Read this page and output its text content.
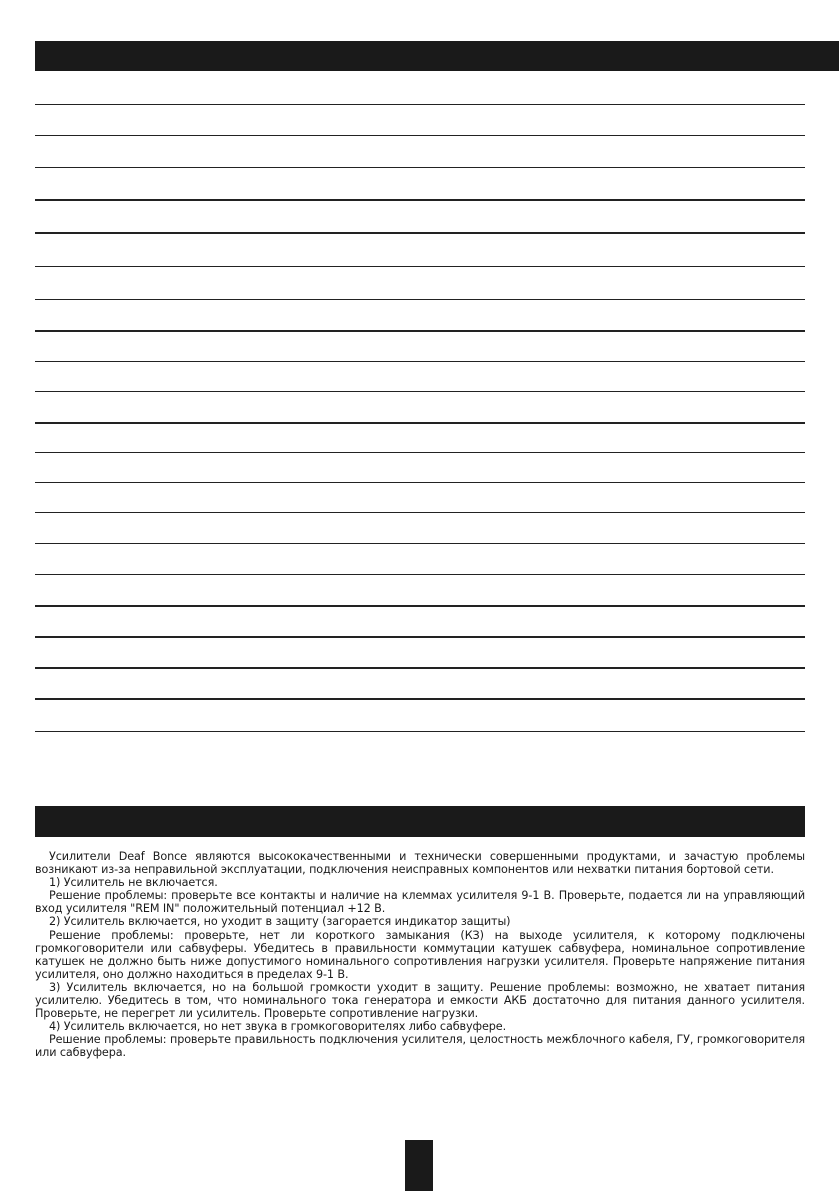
Усилители Deaf Bonce являются высококачественными и технически совершенными продуктами, и зачастую проблемы возникают из-за неправильной эксплуатации, подключения неисправных компонентов или нехватки питания бортовой сети.

1) Усилитель не включается.

Решение проблемы: проверьте все контакты и наличие на клеммах усилителя 9-1 В. Проверьте, подается ли на управляющий вход усилителя "REM IN" положительный потенциал +12 В.

2) Усилитель включается, но уходит в защиту (загорается индикатор защиты)

Решение проблемы: проверьте, нет ли короткого замыкания (КЗ) на выходе усилителя, к которому подключены громкоговорители или сабвуферы. Убедитесь в правильности коммутации катушек сабвуфера, номинальное сопротивление катушек не должно быть ниже допустимого номинального сопротивления нагрузки усилителя. Проверьте напряжение питания усилителя, оно должно находиться в пределах 9-1 В.

3) Усилитель включается, но на большой громкости уходит в защиту. Решение проблемы: возможно, не хватает питания усилителю. Убедитесь в том, что номинального тока генератора и емкости АКБ достаточно для питания данного усилителя. Проверьте, не перегрет ли усилитель. Проверьте сопротивление нагрузки.

4) Усилитель включается, но нет звука в громкоговорителях либо сабвуфере.

Решение проблемы: проверьте правильность подключения усилителя, целостность межблочного кабеля, ГУ, громкоговорителя или сабвуфера.
